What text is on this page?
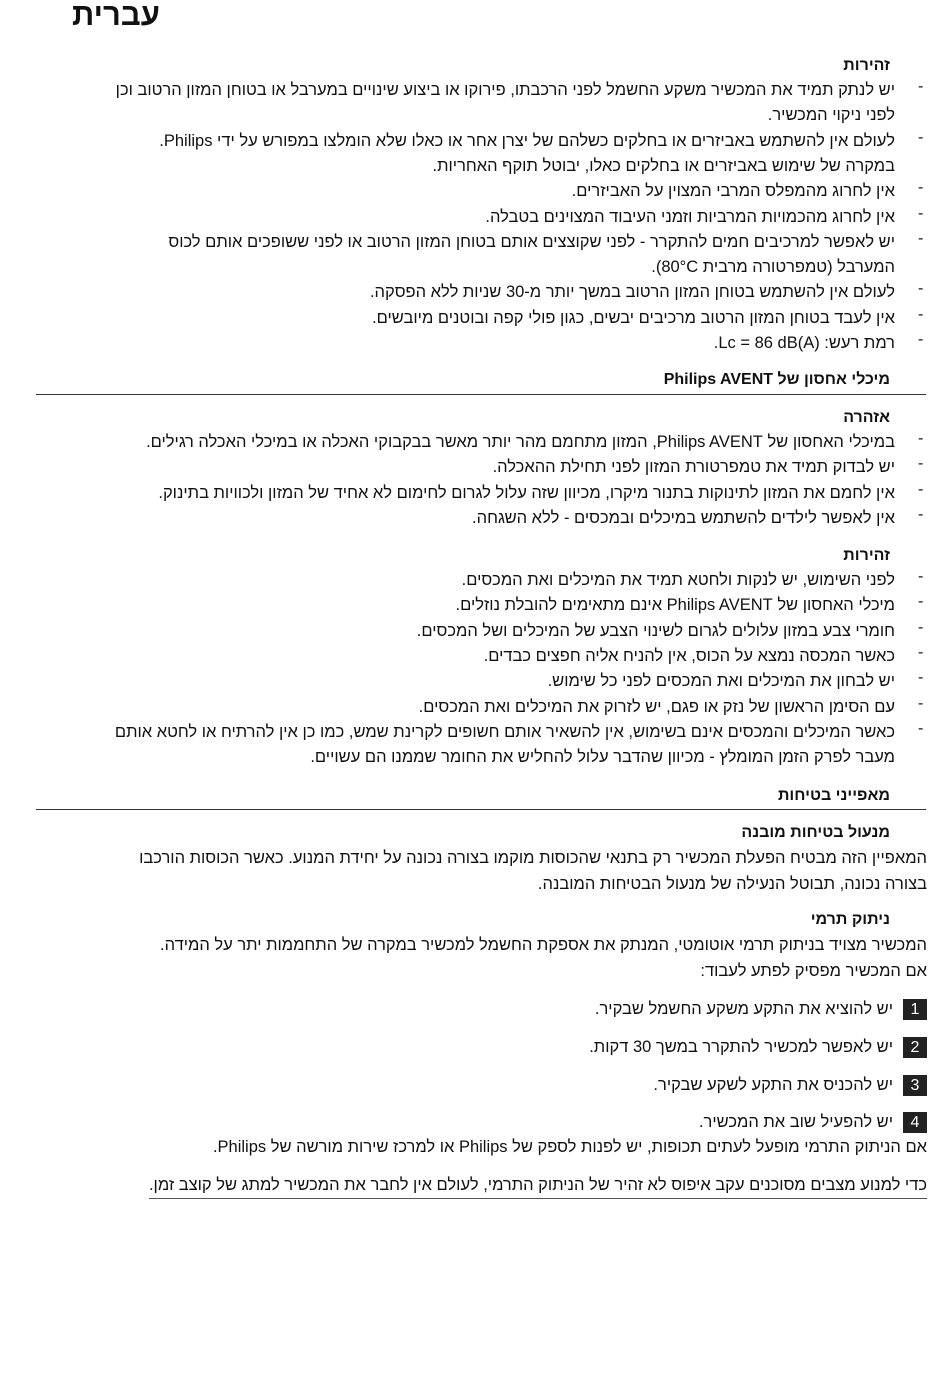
עברית
זהירות
-
יש לנתק תמיד את המכשיר משקע החשמל לפני הרכבתו, פירוקו או ביצוע שינויים במערבל או בטוחן המזון הרטוב וכן
לפני ניקוי המכשיר.
-
לעולם אין להשתמש באביזרים או בחלקים כשלהם של יצרן אחר או כאלו שלא הומלצו במפורש על ידי Philips.
במקרה של שימוש באביזרים או בחלקים כאלו, יבוטל תוקף האחריות.
-
אין לחרוג מהמפלס המרבי המצוין על האביזרים.
-
אין לחרוג מהכמויות המרביות וזמני העיבוד המצוינים בטבלה.
-
יש לאפשר למרכיבים חמים להתקרר - לפני שקוצצים אותם בטוחן המזון הרטוב או לפני ששופכים אותם לכוס
המערבל (טמפרטורה מרבית 80°C).
-
לעולם אין להשתמש בטוחן המזון הרטוב במשך יותר מ-30 שניות ללא הפסקה.
-
אין לעבד בטוחן המזון הרטוב מרכיבים יבשים, כגון פולי קפה ובוטנים מיובשים.
-
רמת רעש: Lc = 86 dB(A).
מיכלי אחסון של Philips AVENT
אזהרה
-
במיכלי האחסון של Philips AVENT, המזון מתחמם מהר יותר מאשר בבקבוקי האכלה או במיכלי האכלה רגילים.
-
יש לבדוק תמיד את טמפרטורת המזון לפני תחילת ההאכלה.
-
אין לחמם את המזון לתינוקות בתנור מיקרו, מכיוון שזה עלול לגרום לחימום לא אחיד של המזון ולכוויות בתינוק.
-
אין לאפשר לילדים להשתמש במיכלים ובמכסים - ללא השגחה.
זהירות
-
לפני השימוש, יש לנקות ולחטא תמיד את המיכלים ואת המכסים.
-
מיכלי האחסון של Philips AVENT אינם מתאימים להובלת נוזלים.
-
חומרי צבע במזון עלולים לגרום לשינוי הצבע של המיכלים ושל המכסים.
-
כאשר המכסה נמצא על הכוס, אין להניח אליה חפצים כבדים.
-
יש לבחון את המיכלים ואת המכסים לפני כל שימוש.
-
עם הסימן הראשון של נזק או פגם, יש לזרוק את המיכלים ואת המכסים.
-
כאשר המיכלים והמכסים אינם בשימוש, אין להשאיר אותם חשופים לקרינת שמש, כמו כן אין להרתיח או לחטא אותם
מעבר לפרק הזמן המומלץ - מכיוון שהדבר עלול להחליש את החומר שממנו הם עשויים.
מאפייני בטיחות
מנעול בטיחות מובנה
המאפיין הזה מבטיח הפעלת המכשיר רק בתנאי שהכוסות מוקמו בצורה נכונה על יחידת המנוע. כאשר הכוסות הורכבו
בצורה נכונה, תבוטל הנעילה של מנעול הבטיחות המובנה.
ניתוק תרמי
המכשיר מצויד בניתוק תרמי אוטומטי, המנתק את אספקת החשמל למכשיר במקרה של התחממות יתר על המידה.
אם המכשיר מפסיק לפתע לעבוד:
1יש להוציא את התקע משקע החשמל שבקיר.
2יש לאפשר למכשיר להתקרר במשך 30 דקות.
3יש להכניס את התקע לשקע שבקיר.
4יש להפעיל שוב את המכשיר.
אם הניתוק התרמי מופעל לעתים תכופות, יש לפנות לספק של Philips או למרכז שירות מורשה של Philips.
כדי למנוע מצבים מסוכנים עקב איפוס לא זהיר של הניתוק התרמי, לעולם אין לחבר את המכשיר למתג של קוצב זמן.
